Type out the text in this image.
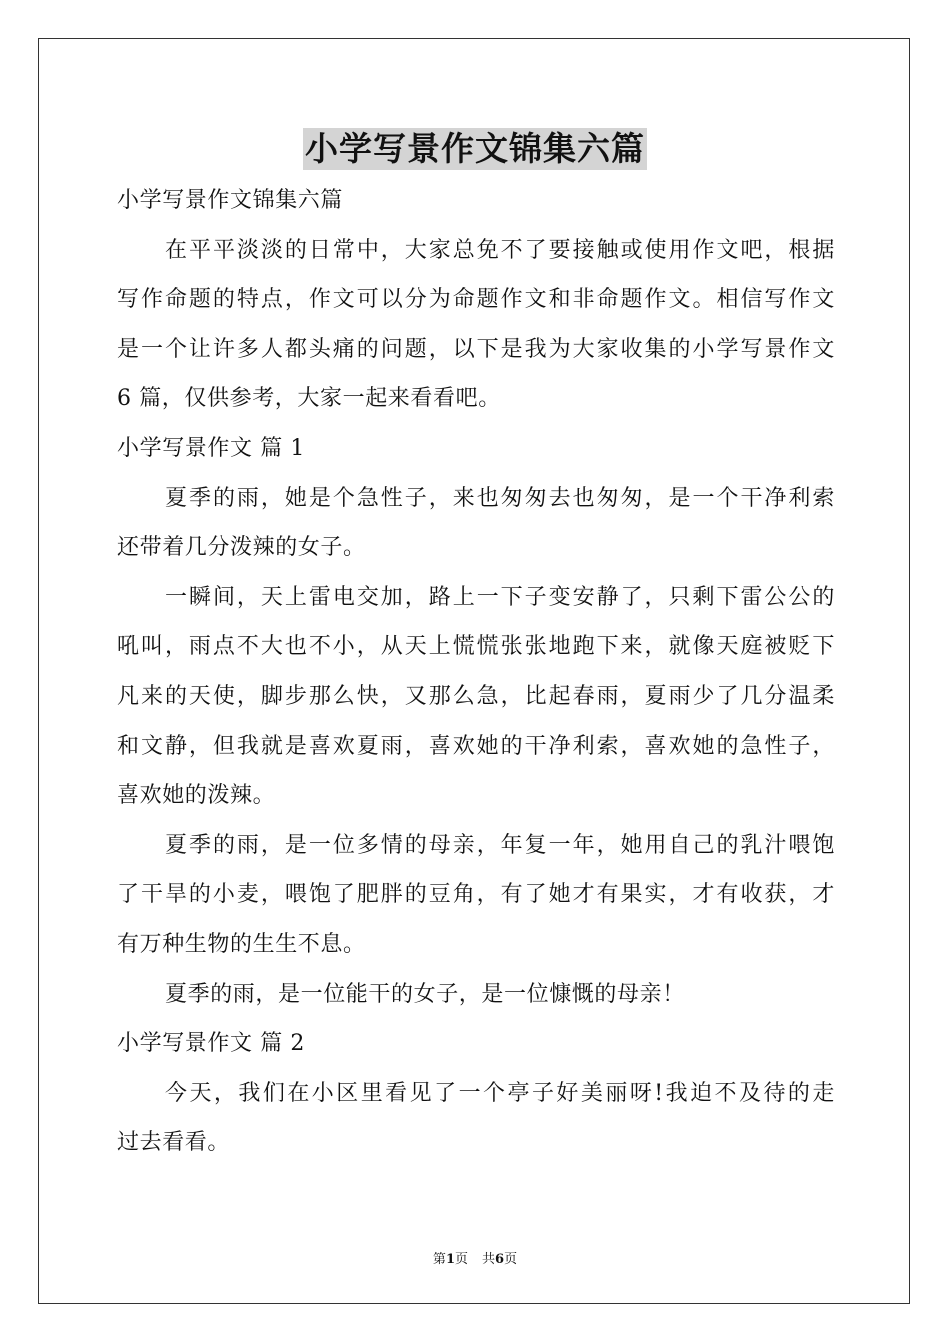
小学写景作文锦集六篇
小学写景作文锦集六篇
在平平淡淡的日常中，大家总免不了要接触或使用作文吧，根据
写作命题的特点，作文可以分为命题作文和非命题作文。相信写作文
是一个让许多人都头痛的问题，以下是我为大家收集的小学写景作文
6 篇，仅供参考，大家一起来看看吧。
小学写景作文 篇 1
夏季的雨，她是个急性子，来也匆匆去也匆匆，是一个干净利索
还带着几分泼辣的女子。
一瞬间，天上雷电交加，路上一下子变安静了，只剩下雷公公的
吼叫，雨点不大也不小，从天上慌慌张张地跑下来，就像天庭被贬下
凡来的天使，脚步那么快，又那么急，比起春雨，夏雨少了几分温柔
和文静，但我就是喜欢夏雨，喜欢她的干净利索，喜欢她的急性子，
喜欢她的泼辣。
夏季的雨，是一位多情的母亲，年复一年，她用自己的乳汁喂饱
了干旱的小麦，喂饱了肥胖的豆角，有了她才有果实，才有收获，才
有万种生物的生生不息。
夏季的雨，是一位能干的女子，是一位慷慨的母亲！
小学写景作文 篇 2
今天，我们在小区里看见了一个亭子好美丽呀!我迫不及待的走
过去看看。
第1页 共6页
